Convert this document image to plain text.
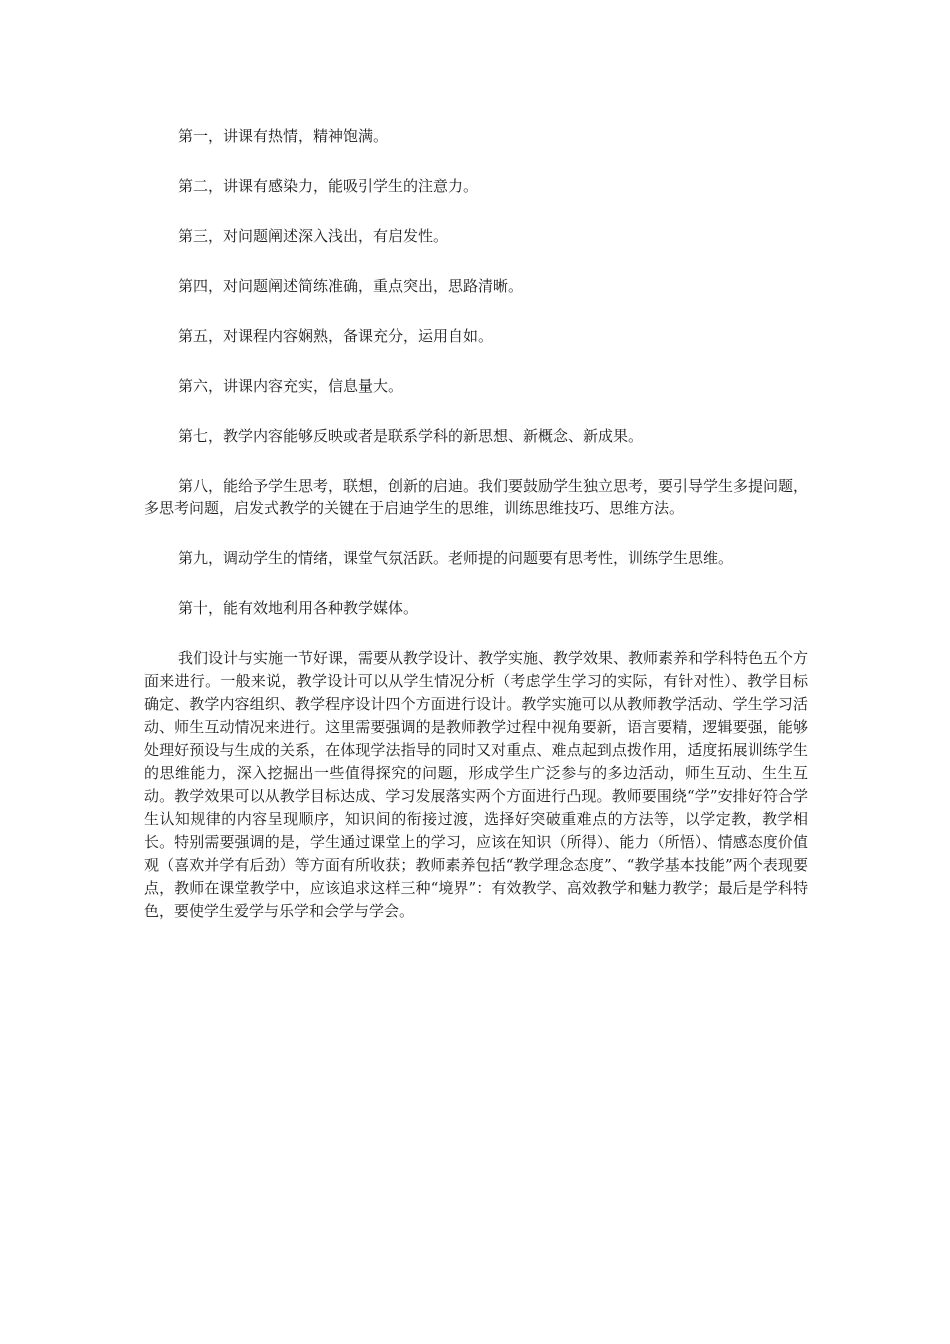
第一，讲课有热情，精神饱满。

第二，讲课有感染力，能吸引学生的注意力。

第三，对问题阐述深入浅出，有启发性。

第四，对问题阐述简练准确，重点突出，思路清晰。

第五，对课程内容娴熟，备课充分，运用自如。

第六，讲课内容充实，信息量大。

第七，教学内容能够反映或者是联系学科的新思想、新概念、新成果。

第八，能给予学生思考，联想，创新的启迪。我们要鼓励学生独立思考，要引导学生多提问题，多思考问题，启发式教学的关键在于启迪学生的思维，训练思维技巧、思维方法。

第九，调动学生的情绪，课堂气氛活跃。老师提的问题要有思考性，训练学生思维。

第十，能有效地利用各种教学媒体。

我们设计与实施一节好课，需要从教学设计、教学实施、教学效果、教师素养和学科特色五个方面来进行。一般来说，教学设计可以从学生情况分析（考虑学生学习的实际，有针对性）、教学目标确定、教学内容组织、教学程序设计四个方面进行设计。教学实施可以从教师教学活动、学生学习活动、师生互动情况来进行。这里需要强调的是教师教学过程中视角要新，语言要精，逻辑要强，能够处理好预设与生成的关系，在体现学法指导的同时又对重点、难点起到点拨作用，适度拓展训练学生的思维能力，深入挖掘出一些值得探究的问题，形成学生广泛参与的多边活动，师生互动、生生互动。教学效果可以从教学目标达成、学习发展落实两个方面进行凸现。教师要围绕“学”安排好符合学生认知规律的内容呈现顺序，知识间的衔接过渡，选择好突破重难点的方法等，以学定教，教学相长。特别需要强调的是，学生通过课堂上的学习，应该在知识（所得）、能力（所悟）、情感态度价值观（喜欢并学有后劲）等方面有所收获；教师素养包括“教学理念态度”、“教学基本技能”两个表现要点，教师在课堂教学中，应该追求这样三种“境界”：有效教学、高效教学和魅力教学；最后是学科特色，要使学生爱学与乐学和会学与学会。
